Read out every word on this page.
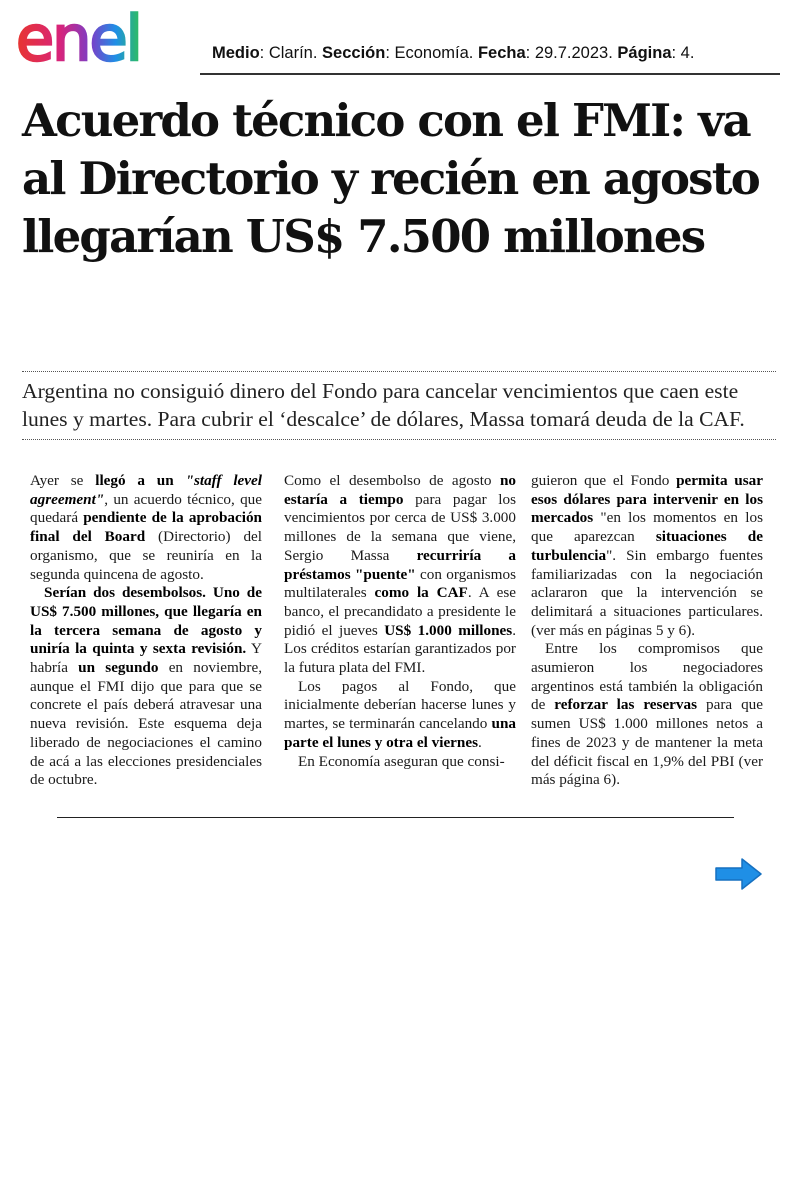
enel	Medio: Clarín. Sección: Economía. Fecha: 29.7.2023. Página: 4.
Acuerdo técnico con el FMI: va
al Directorio y recién en agosto
llegarían US$ 7.500 millones

Argentina no consiguió dinero del Fondo para cancelar vencimientos que caen este
lunes y martes. Para cubrir el ‘descalce’ de dólares, Massa tomará deuda de la CAF.

Ayer se llegó a un "staff level agreement", un acuerdo técnico, que quedará pendiente de la aprobación final del Board (Directorio) del organismo, que se reuniría en la segunda quincena de agosto.

Serían dos desembolsos. Uno de US$ 7.500 millones, que llegaría en la tercera semana de agosto y uniría la quinta y sexta revisión. Y habría un segundo en noviembre, aunque el FMI dijo que para que se concrete el país deberá atravesar una nueva revisión. Este esquema deja liberado de negociaciones el camino de acá a las elecciones presidenciales de octubre.

Como el desembolso de agosto no estaría a tiempo para pagar los vencimientos por cerca de US$ 3.000 millones de la semana que viene, Sergio Massa recurriría a préstamos "puente" con organismos multilaterales como la CAF. A ese banco, el precandidato a presidente le pidió el jueves US$ 1.000 millones. Los créditos estarían garantizados por la futura plata del FMI.

Los pagos al Fondo, que inicialmente deberían hacerse lunes y martes, se terminarán cancelando una parte el lunes y otra el viernes.

En Economía aseguran que consi-

guieron que el Fondo permita usar esos dólares para intervenir en los mercados "en los momentos en los que aparezcan situaciones de turbulencia". Sin embargo fuentes familiarizadas con la negociación aclararon que la intervención se delimitará a situaciones particulares. (ver más en páginas 5 y 6).

Entre los compromisos que asumieron los negociadores argentinos está también la obligación de reforzar las reservas para que sumen US$ 1.000 millones netos a fines de 2023 y de mantener la meta del déficit fiscal en 1,9% del PBI (ver más página 6).
